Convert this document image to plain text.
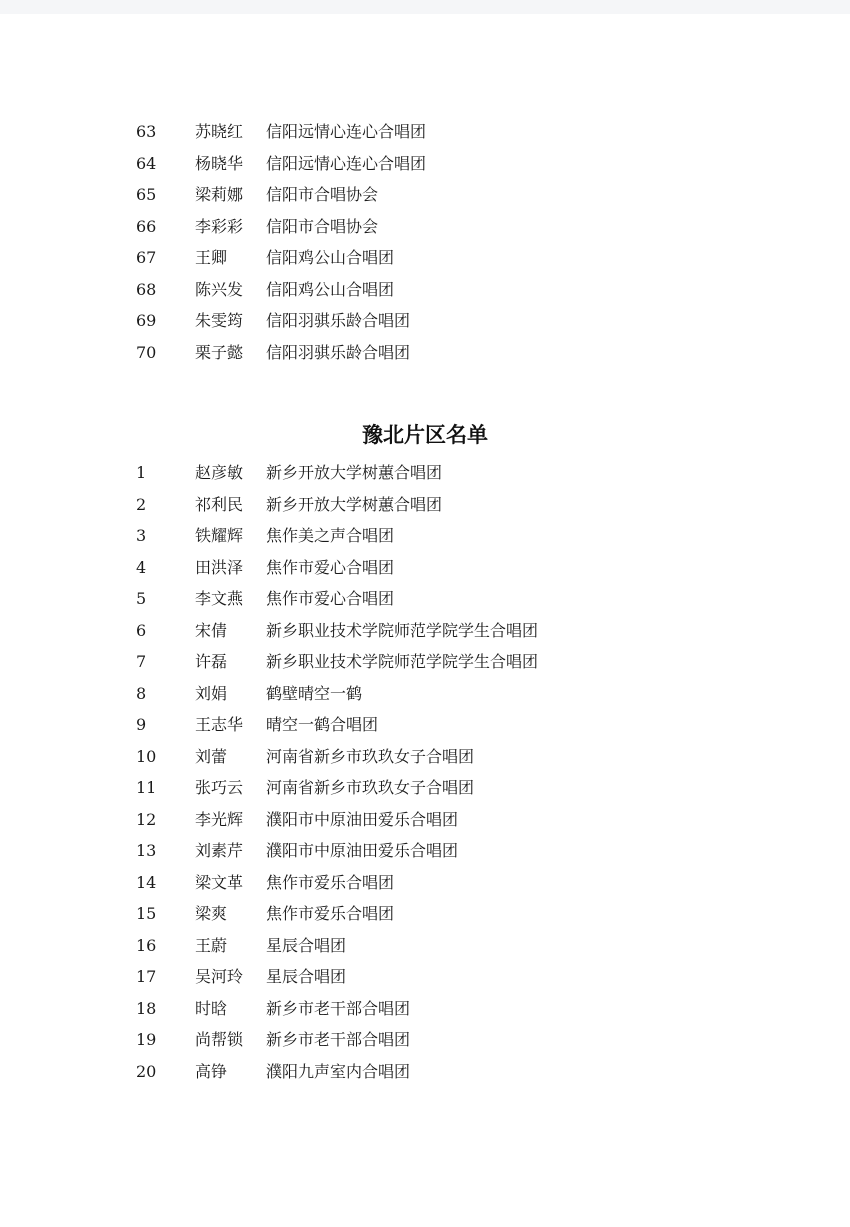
63 苏晓红 信阳远情心连心合唱团
64 杨晓华 信阳远情心连心合唱团
65 梁莉娜 信阳市合唱协会
66 李彩彩 信阳市合唱协会
67 王卿 信阳鸡公山合唱团
68 陈兴发 信阳鸡公山合唱团
69 朱雯筠 信阳羽骐乐龄合唱团
70 栗子懿 信阳羽骐乐龄合唱团
豫北片区名单
1	赵彦敏 新乡开放大学树蕙合唱团
2	祁利民 新乡开放大学树蕙合唱团
3	铁耀辉 焦作美之声合唱团
4	田洪泽 焦作市爱心合唱团
5	李文燕 焦作市爱心合唱团
6	宋倩 新乡职业技术学院师范学院学生合唱团
7	许磊 新乡职业技术学院师范学院学生合唱团
8	刘娟 鹤壁晴空一鹤
9	王志华 晴空一鹤合唱团
10 刘蕾 河南省新乡市玖玖女子合唱团
11 张巧云 河南省新乡市玖玖女子合唱团
12 李光辉 濮阳市中原油田爱乐合唱团
13 刘素芹 濮阳市中原油田爱乐合唱团
14 梁文革 焦作市爱乐合唱团
15 梁爽 焦作市爱乐合唱团
16 王蔚 星辰合唱团
17 吴河玲 星辰合唱团
18 时晗 新乡市老干部合唱团
19 尚帮锁 新乡市老干部合唱团
20 高铮 濮阳九声室内合唱团
